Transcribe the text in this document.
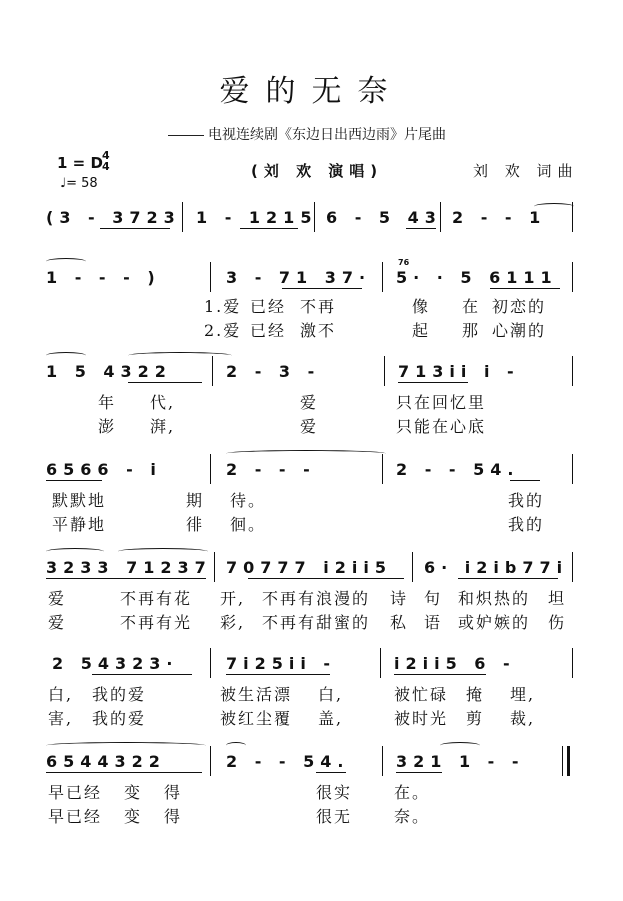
爱的无奈
电视连续剧《东边日出西边雨》片尾曲
1 = D 4
4
♩= 58
(刘 欢 演唱)	刘 欢 词曲
(3 - 3723 1 - 1215 6 - 5 43 2 - - 1
1 - - - )	3 - 71 37·
76
5· · 5 6111
1.爱 已经 不再	像 在 初恋的
2.爱 已经 激不	起 那 心潮的
1 5 4322	2 - 3 -	713ii i -
年 代,	爱	只在回忆里
澎 湃,	爱	只能在心底
6566 - i	2 - - -	2 - - 54.
默默地	期 待。	我的
平静地	徘 徊。	我的
3233 71237 70777 i2ii5 6· i2ib77i
爱	不再有花 开, 不再有浪漫的 诗 句 和炽热的 坦
爱	不再有光 彩, 不再有甜蜜的 私 语 或妒嫉的 伤
2 54323·	7i25ii -	i2ii5 6 -
白, 我的爱	被生活漂 白,	被忙碌 掩 埋,
害, 我的爱	被红尘覆 盖,	被时光 剪 裁,
6544322	2 - - 54.	321 1 - -
早已经 变 得	很实	在。
早已经 变 得	很无	奈。
